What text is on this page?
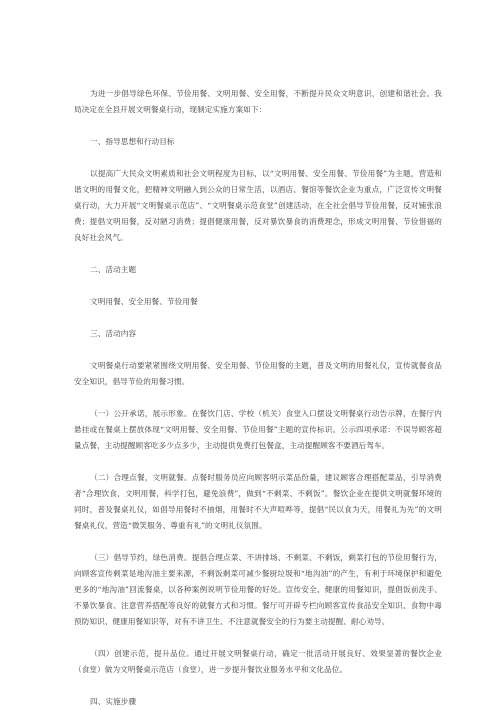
为进一步倡导绿色环保、节俭用餐、文明用餐、安全用餐，不断提升民众文明意识，创建和谐社会。我局决定在全县开展文明餐桌行动，现制定实施方案如下：

一、指导思想和行动目标

以提高广大民众文明素质和社会文明程度为目标，以“文明用餐、安全用餐、节俭用餐”为主题，营造和谐文明的用餐文化，把精神文明融入到公众的日常生活，以酒店、餐馆等餐饮企业为重点，广泛宣传文明餐桌行动，大力开展“文明餐桌示范店”、“文明餐桌示范食堂”创建活动，在全社会倡导节俭用餐，反对铺张浪费；提倡文明用餐，反对陋习消费；提倡健康用餐，反对暴饮暴食的消费理念，形成文明用餐、节俭惜福的良好社会风气。

二、活动主题

文明用餐、安全用餐、节俭用餐

三、活动内容

文明餐桌行动要紧紧围绕文明用餐、安全用餐、节俭用餐的主题，普及文明的用餐礼仪，宣传就餐食品安全知识，倡导节俭的用餐习惯。

（一）公开承诺，展示形象。在餐饮门店、学校（机关）食堂入口摆设文明餐桌行动告示牌，在餐厅内悬挂或在餐桌上摆放体现“文明用餐、安全用餐、节俭用餐”主题的宣传标识。公示四项承诺：不误导顾客超量点餐，主动提醒顾客吃多少点多少，主动提供免费打包餐盒，主动提醒顾客不要酒后驾车。

（二）合理点餐，文明就餐。点餐时服务员应向顾客明示菜品份量，建议顾客合理搭配菜品，引导消费者“合理饮食，文明用餐，科学打包，避免浪费”，做到“不剩菜、不剩饭”。餐饮企业在提供文明就餐环境的同时，普及餐桌礼仪，如倡导用餐时不抽烟，用餐时不大声喧哗等，提倡“民以食为天，用餐礼为先”的文明餐桌礼仪，营造“微笑服务、尊重有礼”的文明礼仪氛围。

（三）倡导节约，绿色消费。提倡合理点菜、不讲排场、不剩菜、不剩饭，剩菜打包的节俭用餐行为，向顾客宣传剩菜是地沟油主要来源，不剩饭剩菜可减少餐厨垃圾和“地沟油”的产生，有利于环境保护和避免更多的“地沟油”回流餐桌，以各种案例说明节俭用餐的好处。宣传安全、健康的用餐知识，提倡饭前洗手、不暴饮暴食、注意营养搭配等良好的就餐方式和习惯。餐厅可开辟专栏向顾客宣传食品安全知识、食物中毒预防知识、健康用餐知识等，对有不讲卫生、不注意就餐安全的行为要主动提醒、耐心劝导。

（四）创建示范，提升品位。通过开展文明餐桌行动，确定一批活动开展良好、效果显著的餐饮企业（食堂）做为文明餐桌示范店（食堂），进一步提升餐饮业服务水平和文化品位。

四、实施步骤
